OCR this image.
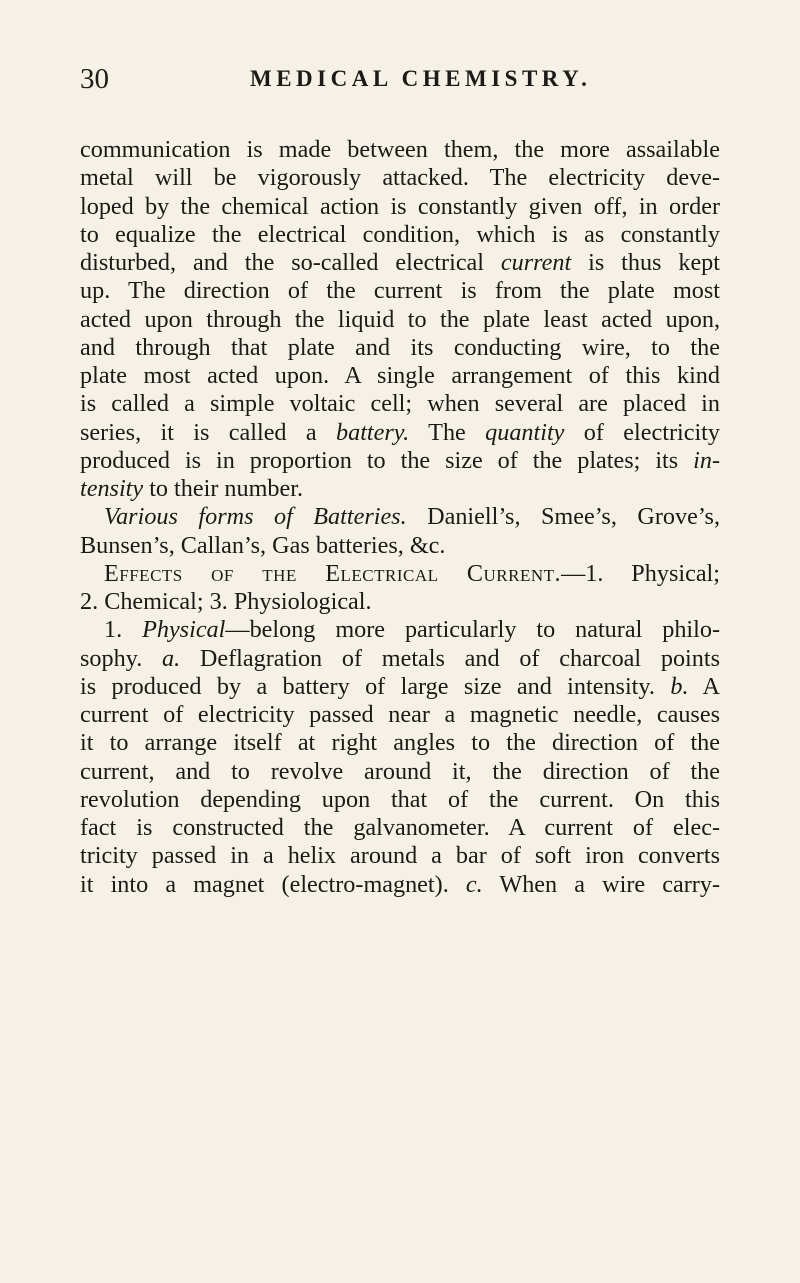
30	MEDICAL CHEMISTRY.
communication is made between them, the more assailable
metal will be vigorously attacked. The electricity deve-
loped by the chemical action is constantly given off, in order
to equalize the electrical condition, which is as constantly
disturbed, and the so-called electrical current is thus kept
up. The direction of the current is from the plate most
acted upon through the liquid to the plate least acted upon,
and through that plate and its conducting wire, to the
plate most acted upon. A single arrangement of this kind
is called a simple voltaic cell; when several are placed in
series, it is called a battery. The quantity of electricity
produced is in proportion to the size of the plates; its in-
tensity to their number.
Various forms of Batteries. Daniell’s, Smee’s, Grove’s,
Bunsen’s, Callan’s, Gas batteries, &c.
Effects of the Electrical Current.—1. Physical;
2. Chemical; 3. Physiological.
1. Physical—belong more particularly to natural philo-
sophy. a. Deflagration of metals and of charcoal points
is produced by a battery of large size and intensity. b. A
current of electricity passed near a magnetic needle, causes
it to arrange itself at right angles to the direction of the
current, and to revolve around it, the direction of the
revolution depending upon that of the current. On this
fact is constructed the galvanometer. A current of elec-
tricity passed in a helix around a bar of soft iron converts
it into a magnet (electro-magnet). c. When a wire carry-
